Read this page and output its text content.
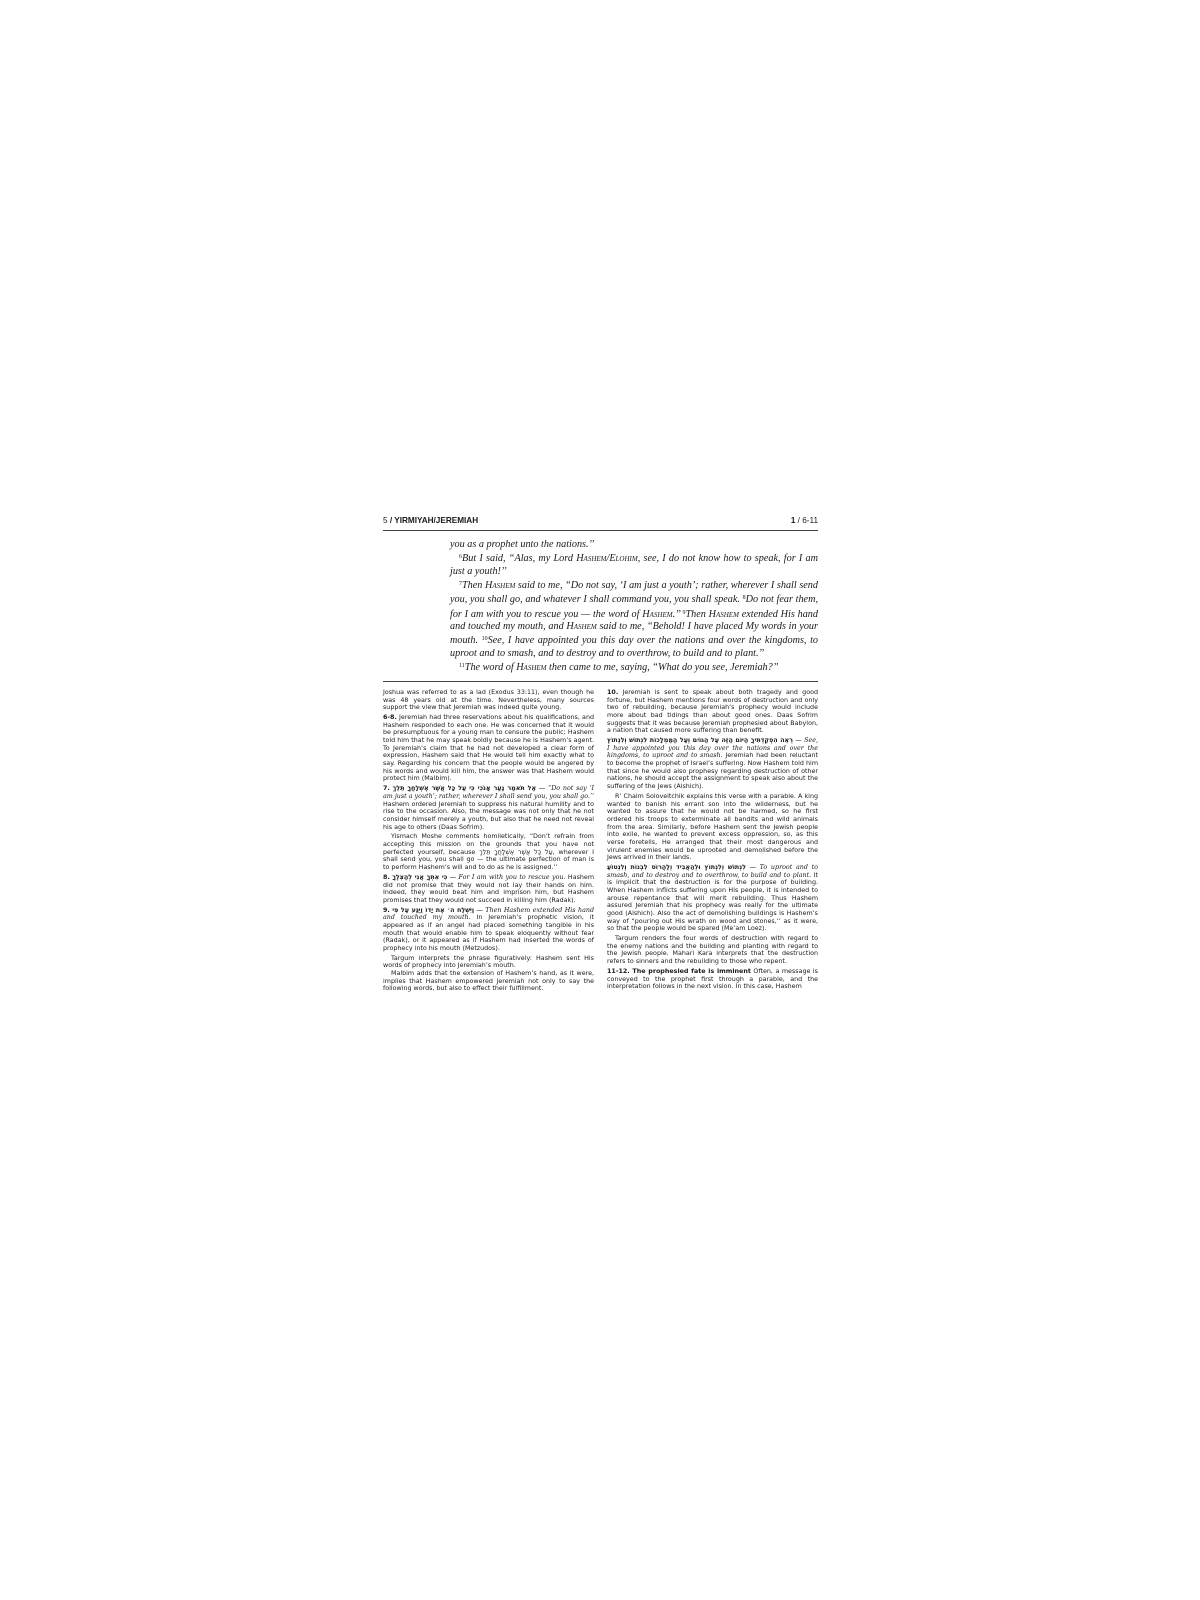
5 / YIRMIYAH/JEREMIAH	1 / 6-11

you as a prophet unto the nations.’’

$^6$But I said, “Alas, my Lord Hashem/Elohim, see, I do not know how to speak, for I am just a youth!’’

$^7$Then Hashem said to me, “Do not say, ‘I am just a youth’; rather, wherever I shall send you, you shall go, and whatever I shall command you, you shall speak. $^8$Do not fear them, for I am with you to rescue you — the word of Hashem.’’ $^9$Then Hashem extended His hand and touched my mouth, and Hashem said to me, “Behold! I have placed My words in your mouth. $^{10}$See, I have appointed you this day over the nations and over the kingdoms, to uproot and to smash, and to destroy and to overthrow, to build and to plant.’’

$^{11}$The word of Hashem then came to me, saying, “What do you see, Jeremiah?’’

Joshua was referred to as a lad (Exodus 33:11), even though he was 48 years old at the time. Nevertheless, many sources support the view that Jeremiah was indeed quite young.

6-8. Jeremiah had three reservations about his qualifications, and Hashem responded to each one. He was concerned that it would be presumptuous for a young man to censure the public; Hashem told him that he may speak boldly because he is Hashem’s agent. To Jeremiah’s claim that he had not developed a clear form of expression, Hashem said that He would tell him exactly what to say. Regarding his concern that the people would be angered by his words and would kill him, the answer was that Hashem would protect him (Malbim).

7. אַל תֹּאמַר נַעַר אָנֹכִי כִּי עַל כָּל אֲשֶׁר אֶשְׁלָחֲךָ תֵּלֵךְ — “Do not say ‘I am just a youth’; rather, wherever I shall send you, you shall go.’’ Hashem ordered Jeremiah to suppress his natural humility and to rise to the occasion. Also, the message was not only that he not consider himself merely a youth, but also that he need not reveal his age to others (Daas Sofrim).

Yismach Moshe comments homiletically, “Don’t refrain from accepting this mission on the grounds that you have not perfected yourself, because עַל כָּל אֲשֶׁר אֶשְׁלָחֲךָ תֵּלֵךְ, wherever I shall send you, you shall go — the ultimate perfection of man is to perform Hashem’s will and to do as he is assigned.’’

8. כִּי אִתְּךָ אֲנִי לְהַצִּלֶךָ — For I am with you to rescue you. Hashem did not promise that they would not lay their hands on him. Indeed, they would beat him and imprison him, but Hashem promises that they would not succeed in killing him (Radak).

9. וַיִּשְׁלַח ה׳ אֶת יָדוֹ וַיַּגַּע עַל פִּי — Then Hashem extended His hand and touched my mouth. In Jeremiah’s prophetic vision, it appeared as if an angel had placed something tangible in his mouth that would enable him to speak eloquently without fear (Radak), or it appeared as if Hashem had inserted the words of prophecy into his mouth (Metzudos).

Targum interprets the phrase figuratively: Hashem sent His words of prophecy into Jeremiah’s mouth.

Malbim adds that the extension of Hashem’s hand, as it were, implies that Hashem empowered Jeremiah not only to say the following words, but also to effect their fulfillment.

10. Jeremiah is sent to speak about both tragedy and good fortune, but Hashem mentions four words of destruction and only two of rebuilding, because Jeremiah’s prophecy would include more about bad tidings than about good ones. Daas Sofrim suggests that it was because Jeremiah prophesied about Babylon, a nation that caused more suffering than benefit.

רְאֵה הִפְקַדְתִּיךָ הַיּוֹם הַזֶּה עַל הַגּוֹיִם וְעַל הַמַּמְלָכוֹת לִנְתוֹשׁ וְלִנְתוֹץ — See, I have appointed you this day over the nations and over the kingdoms, to uproot and to smash. Jeremiah had been reluctant to become the prophet of Israel’s suffering. Now Hashem told him that since he would also prophesy regarding destruction of other nations, he should accept the assignment to speak also about the suffering of the Jews (Alshich).

R’ Chaim Soloveitchik explains this verse with a parable. A king wanted to banish his errant son into the wilderness, but he wanted to assure that he would not be harmed, so he first ordered his troops to exterminate all bandits and wild animals from the area. Similarly, before Hashem sent the Jewish people into exile, he wanted to prevent excess oppression, so, as this verse foretells, He arranged that their most dangerous and virulent enemies would be uprooted and demolished before the Jews arrived in their lands.

לִנְתוֹשׁ וְלִנְתוֹץ וּלְהַאֲבִיד וְלַהֲרוֹס לִבְנוֹת וְלִנְטוֹעַ — To uproot and to smash, and to destroy and to overthrow, to build and to plant. It is implicit that the destruction is for the purpose of building. When Hashem inflicts suffering upon His people, it is intended to arouse repentance that will merit rebuilding. Thus Hashem assured Jeremiah that his prophecy was really for the ultimate good (Alshich). Also the act of demolishing buildings is Hashem’s way of “pouring out His wrath on wood and stones,’’ as it were, so that the people would be spared (Me’am Loez).

Targum renders the four words of destruction with regard to the enemy nations and the building and planting with regard to the Jewish people. Mahari Kara interprets that the destruction refers to sinners and the rebuilding to those who repent.

11-12. The prophesied fate is imminent Often, a message is conveyed to the prophet first through a parable, and the interpretation follows in the next vision. In this case, Hashem
